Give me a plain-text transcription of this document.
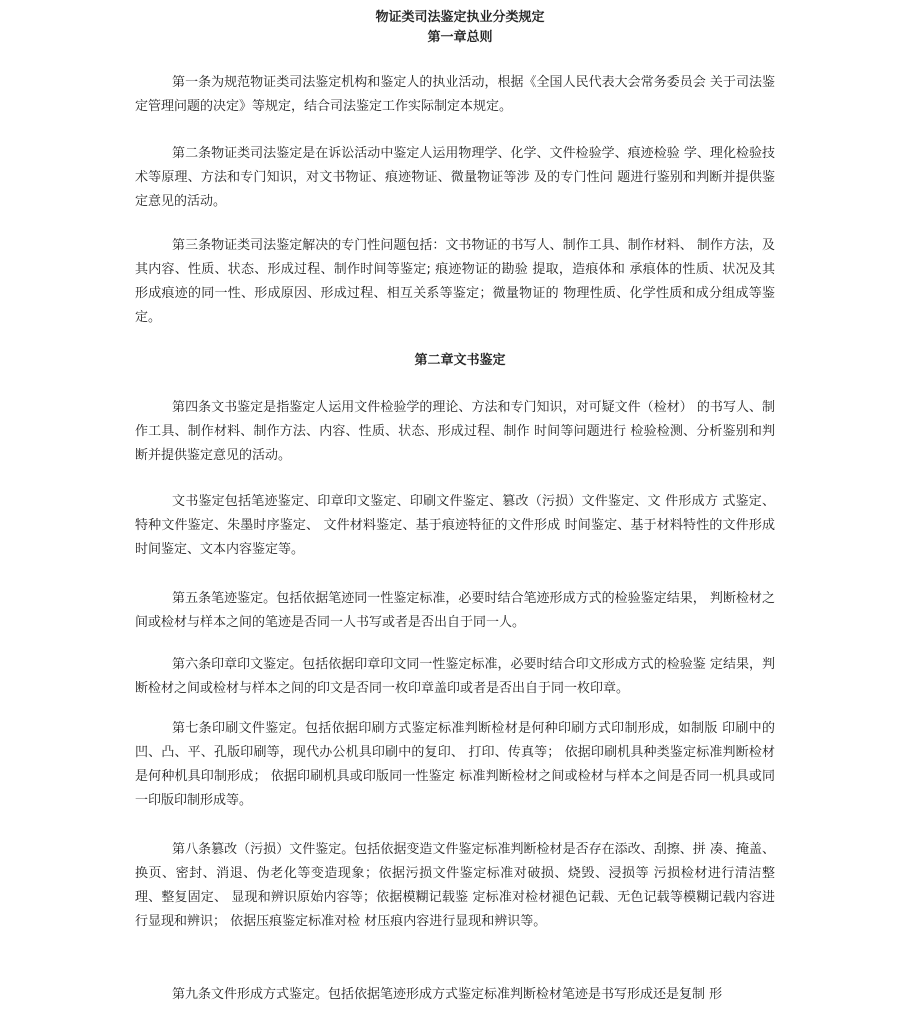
物证类司法鉴定执业分类规定
第一章总则

第一条为规范物证类司法鉴定机构和鉴定人的执业活动，根据《全国人民代表大会常务委员会 关于司法鉴定管理问题的决定》等规定，结合司法鉴定工作实际制定本规定。

第二条物证类司法鉴定是在诉讼活动中鉴定人运用物理学、化学、文件检验学、痕迹检验 学、理化检验技术等原理、方法和专门知识，对文书物证、痕迹物证、微量物证等涉 及的专门性问 题进行鉴别和判断并提供鉴定意见的活动。

第三条物证类司法鉴定解决的专门性问题包括：文书物证的书写人、制作工具、制作材料、 制作方法，及其内容、性质、状态、形成过程、制作时间等鉴定; 痕迹物证的勘验 提取，造痕体和 承痕体的性质、状况及其形成痕迹的同一性、形成原因、形成过程、相互关系等鉴定；微量物证的 物理性质、化学性质和成分组成等鉴定。

第二章文书鉴定

第四条文书鉴定是指鉴定人运用文件检验学的理论、方法和专门知识，对可疑文件（检材） 的书写人、制作工具、制作材料、制作方法、内容、性质、状态、形成过程、制作 时间等问题进行 检验检测、分析鉴别和判断并提供鉴定意见的活动。

文书鉴定包括笔迹鉴定、印章印文鉴定、印刷文件鉴定、篡改（污损）文件鉴定、文 件形成方 式鉴定、特种文件鉴定、朱墨时序鉴定、 文件材料鉴定、基于痕迹特征的文件形成 时间鉴定、基于材料特性的文件形成时间鉴定、文本内容鉴定等。

第五条笔迹鉴定。包括依据笔迹同一性鉴定标准，必要时结合笔迹形成方式的检验鉴定结果， 判断检材之间或检材与样本之间的笔迹是否同一人书写或者是否出自于同一人。

第六条印章印文鉴定。包括依据印章印文同一性鉴定标准，必要时结合印文形成方式的检验鉴 定结果，判断检材之间或检材与样本之间的印文是否同一枚印章盖印或者是否出自于同一枚印章。

第七条印刷文件鉴定。包括依据印刷方式鉴定标准判断检材是何种印刷方式印制形成，如制版 印刷中的凹、凸、平、孔版印刷等，现代办公机具印刷中的复印、 打印、传真等； 依据印刷机具种类鉴定标准判断检材是何种机具印制形成； 依据印刷机具或印版同一性鉴定 标准判断检材之间或检材与样本之间是否同一机具或同一印版印制形成等。

第八条篡改（污损）文件鉴定。包括依据变造文件鉴定标准判断检材是否存在添改、刮擦、拼 凑、掩盖、换页、密封、消退、伪老化等变造现象；依据污损文件鉴定标准对破损、烧毁、浸损等 污损检材进行清洁整理、整复固定、 显现和辨识原始内容等；依据模糊记载鉴 定标准对检材褪色记载、无色记载等模糊记载内容进行显现和辨识； 依据压痕鉴定标准对检 材压痕内容进行显现和辨识等。

第九条文件形成方式鉴定。包括依据笔迹形成方式鉴定标准判断检材笔迹是书写形成还是复制 形
